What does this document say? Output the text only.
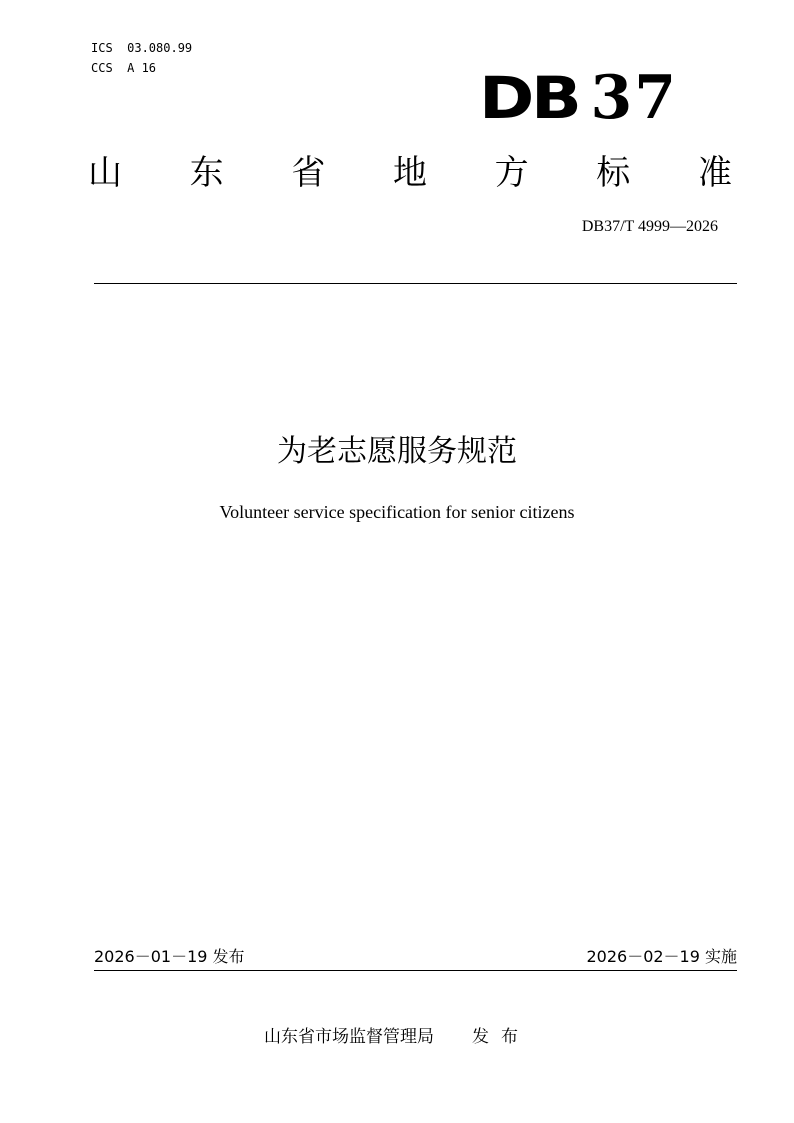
ICS  03.080.99
CCS  A 16	DB 37
山 东 省 地 方 标 准
DB37/T 4999—2026
为老志愿服务规范
Volunteer service specification for senior citizens
2026－01－19 发布	2026－02－19 实施
山东省市场监督管理局 发布
